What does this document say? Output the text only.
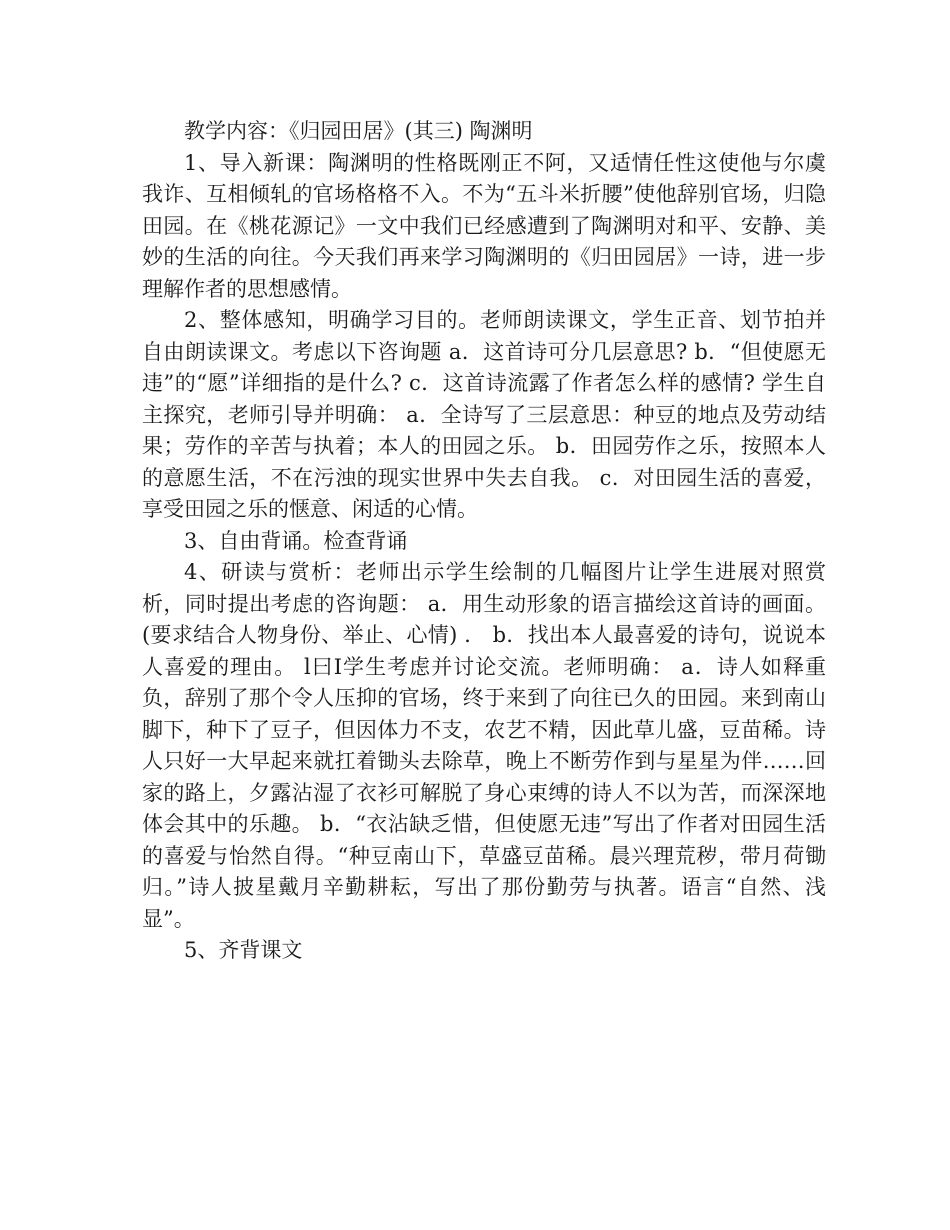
教学内容：《归园田居》(其三) 陶渊明

1、导入新课：陶渊明的性格既刚正不阿，又适情任性这使他与尔虞我诈、互相倾轧的官场格格不入。不为“五斗米折腰”使他辞别官场，归隐田园。在《桃花源记》一文中我们已经感遭到了陶渊明对和平、安静、美妙的生活的向往。今天我们再来学习陶渊明的《归田园居》一诗，进一步理解作者的思想感情。

2、整体感知，明确学习目的。老师朗读课文，学生正音、划节拍并自由朗读课文。考虑以下咨询题 a．这首诗可分几层意思? b．“但使愿无违”的“愿”详细指的是什么? c．这首诗流露了作者怎么样的感情? 学生自主探究，老师引导并明确： a．全诗写了三层意思：种豆的地点及劳动结果；劳作的辛苦与执着；本人的田园之乐。 b．田园劳作之乐，按照本人的意愿生活，不在污浊的现实世界中失去自我。 c．对田园生活的喜爱，享受田园之乐的惬意、闲适的心情。

3、自由背诵。检查背诵

4、研读与赏析：老师出示学生绘制的几幅图片让学生进展对照赏析，同时提出考虑的咨询题： a．用生动形象的语言描绘这首诗的画面。(要求结合人物身份、举止、心情) ． b．找出本人最喜爱的诗句，说说本人喜爱的理由。 l曰I学生考虑并讨论交流。老师明确： a．诗人如释重负，辞别了那个令人压抑的官场，终于来到了向往已久的田园。来到南山脚下，种下了豆子，但因体力不支，农艺不精，因此草儿盛，豆苗稀。诗人只好一大早起来就扛着锄头去除草，晚上不断劳作到与星星为伴……回家的路上，夕露沾湿了衣衫可解脱了身心束缚的诗人不以为苦，而深深地体会其中的乐趣。 b．“衣沾缺乏惜，但使愿无违”写出了作者对田园生活的喜爱与怡然自得。“种豆南山下，草盛豆苗稀。晨兴理荒秽，带月荷锄归。”诗人披星戴月辛勤耕耘，写出了那份勤劳与执著。语言“自然、浅显”。

5、齐背课文
